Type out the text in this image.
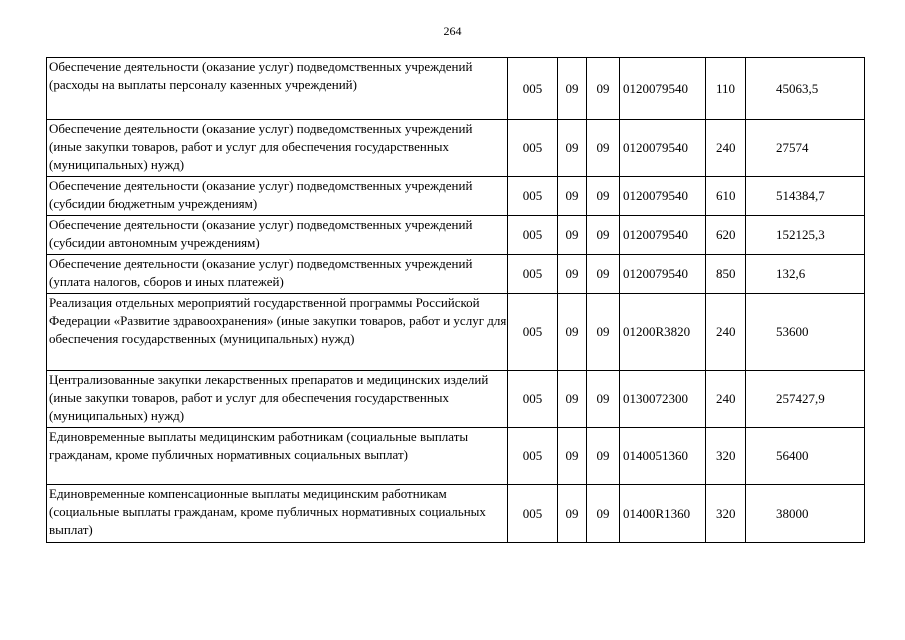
264
Обеспечение деятельности (оказание услуг) подведомственных учреждений (расходы на выплаты персоналу казенных учреждений)	005	09	09	0120079540	110	45063,5
Обеспечение деятельности (оказание услуг) подведомственных учреждений (иные закупки товаров, работ и услуг для обеспечения государственных (муниципальных) нужд)	005	09	09	0120079540	240	27574
Обеспечение деятельности (оказание услуг) подведомственных учреждений (субсидии бюджетным учреждениям)	005	09	09	0120079540	610	514384,7
Обеспечение деятельности (оказание услуг) подведомственных учреждений (субсидии автономным учреждениям)	005	09	09	0120079540	620	152125,3
Обеспечение деятельности (оказание услуг) подведомственных учреждений (уплата налогов, сборов и иных платежей)	005	09	09	0120079540	850	132,6
Реализация отдельных мероприятий государственной программы Российской Федерации «Развитие здравоохранения» (иные закупки товаров, работ и услуг для обеспечения государственных (муниципальных) нужд)	005	09	09	01200R3820	240	53600
Централизованные закупки лекарственных препаратов и медицинских изделий (иные закупки товаров, работ и услуг для обеспечения государственных (муниципальных) нужд)	005	09	09	0130072300	240	257427,9
Единовременные выплаты медицинским работникам (социальные выплаты гражданам, кроме публичных нормативных социальных выплат)	005	09	09	0140051360	320	56400
Единовременные компенсационные выплаты медицинским работникам (социальные выплаты гражданам, кроме публичных нормативных социальных выплат)	005	09	09	01400R1360	320	38000
